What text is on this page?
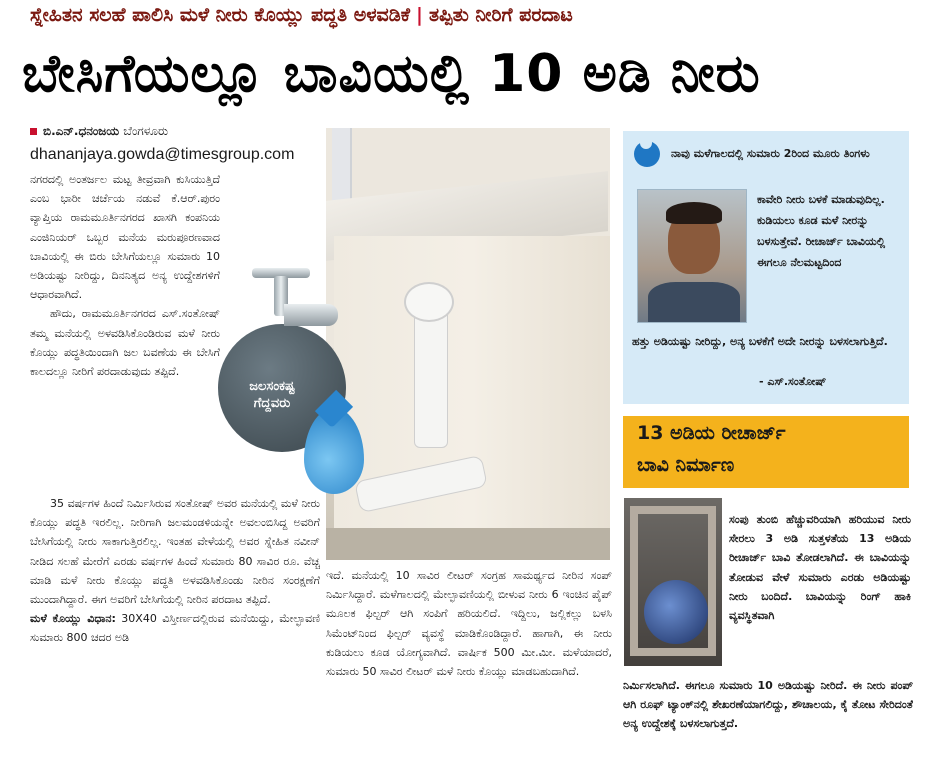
ಸ್ನೇಹಿತನ ಸಲಹೆ ಪಾಲಿಸಿ ಮಳೆ ನೀರು ಕೊಯ್ಲು ಪದ್ಧತಿ ಅಳವಡಿಕೆ | ತಪ್ಪಿತು ನೀರಿಗೆ ಪರದಾಟ
ಬೇಸಿಗೆಯಲ್ಲೂ ಬಾವಿಯಲ್ಲಿ 10 ಅಡಿ ನೀರು
ಬಿ.ಎನ್.ಧನಂಜಯ ಬೆಂಗಳೂರು
dhananjaya.gowda@timesgroup.com

ನಗರದಲ್ಲಿ ಅಂತರ್ಜಲ ಮಟ್ಟ ತೀವ್ರವಾಗಿ ಕುಸಿಯುತ್ತಿದೆ ಎಂಬ ಭಾರೀ ಚರ್ಚೆಯ ನಡುವೆ ಕೆ.ಆರ್.ಪುರಂ ವ್ಯಾಪ್ತಿಯ ರಾಮಮೂರ್ತಿನಗರದ ಖಾಸಗಿ ಕಂಪನಿಯ ಎಂಜಿನಿಯರ್ ಒಬ್ಬರ ಮನೆಯ ಮರುಪೂರಣವಾದ ಬಾವಿಯಲ್ಲಿ ಈ ಬಿರು ಬೇಸಿಗೆಯಲ್ಲೂ ಸುಮಾರು 10 ಅಡಿಯಷ್ಟು ನೀರಿದ್ದು, ದಿನನಿತ್ಯದ ಅನ್ಯ ಉದ್ದೇಶಗಳಿಗೆ ಆಧಾರವಾಗಿದೆ.

ಹೌದು, ರಾಮಮೂರ್ತಿನಗರದ ಎಸ್.ಸಂತೋಷ್ ತಮ್ಮ ಮನೆಯಲ್ಲಿ ಅಳವಡಿಸಿಕೊಂಡಿರುವ ಮಳೆ ನೀರು ಕೊಯ್ಲು ಪದ್ಧತಿಯಿಂದಾಗಿ ಜಲ ಬವಣೆಯ ಈ ಬೇಸಿಗೆ ಕಾಲದಲ್ಲೂ ನೀರಿಗೆ ಪರದಾಡುವುದು ತಪ್ಪಿದೆ.

35 ವರ್ಷಗಳ ಹಿಂದೆ ನಿರ್ಮಿಸಿರುವ ಸಂತೋಷ್ ಅವರ ಮನೆಯಲ್ಲಿ ಮಳೆ ನೀರು ಕೊಯ್ಲು ಪದ್ಧತಿ ಇರಲಿಲ್ಲ. ನೀರಿಗಾಗಿ ಜಲಮಂಡಳಿಯನ್ನೇ ಅವಲಂಬಿಸಿದ್ದ ಅವರಿಗೆ ಬೇಸಿಗೆಯಲ್ಲಿ ನೀರು ಸಾಕಾಗುತ್ತಿರಲಿಲ್ಲ. ಇಂತಹ ವೇಳೆಯಲ್ಲಿ ಅವರ ಸ್ನೇಹಿತ ನವೀನ್ ನೀಡಿದ ಸಲಹೆ ಮೇರೆಗೆ ಎರಡು ವರ್ಷಗಳ ಹಿಂದೆ ಸುಮಾರು 80 ಸಾವಿರ ರೂ. ವೆಚ್ಚ ಮಾಡಿ ಮಳೆ ನೀರು ಕೊಯ್ಲು ಪದ್ಧತಿ ಅಳವಡಿಸಿಕೊಂಡು ನೀರಿನ ಸಂರಕ್ಷಣೆಗೆ ಮುಂದಾಗಿದ್ದಾರೆ. ಈಗ ಅವರಿಗೆ ಬೇಸಿಗೆಯಲ್ಲಿ ನೀರಿನ ಪರದಾಟ ತಪ್ಪಿದೆ.

ಮಳೆ ಕೊಯ್ಲು ವಿಧಾನ: 30X40 ವಿಸ್ತೀರ್ಣದಲ್ಲಿರುವ ಮನೆಯಿದ್ದು, ಮೇಲ್ಛಾವಣಿ ಸುಮಾರು 800 ಚದರ ಅಡಿ

ಜಲಸಂಕಷ್ಟ
ಗೆದ್ದವರು

ಇದೆ. ಮನೆಯಲ್ಲಿ 10 ಸಾವಿರ ಲೀಟರ್ ಸಂಗ್ರಹ ಸಾಮರ್ಥ್ಯದ ನೀರಿನ ಸಂಪ್ ನಿರ್ಮಿಸಿದ್ದಾರೆ. ಮಳೆಗಾಲದಲ್ಲಿ ಮೇಲ್ಛಾವಣಿಯಲ್ಲಿ ಬೀಳುವ ನೀರು 6 ಇಂಚಿನ ಪೈಪ್ ಮೂಲಕ ಫಿಲ್ಟರ್ ಆಗಿ ಸಂಪಿಗೆ ಹರಿಯಲಿದೆ. ಇದ್ದಿಲು, ಜಲ್ಲಿಕಲ್ಲು ಬಳಸಿ ಸಿಮೆಂಟ್‌ನಿಂದ ಫಿಲ್ಟರ್ ವ್ಯವಸ್ಥೆ ಮಾಡಿಕೊಂಡಿದ್ದಾರೆ. ಹಾಗಾಗಿ, ಈ ನೀರು ಕುಡಿಯಲು ಕೂಡ ಯೋಗ್ಯವಾಗಿದೆ. ವಾರ್ಷಿಕ 500 ಮೀ.ಮೀ. ಮಳೆಯಾದರೆ, ಸುಮಾರು 50 ಸಾವಿರ ಲೀಟರ್ ಮಳೆ ನೀರು ಕೊಯ್ಲು ಮಾಡಬಹುದಾಗಿದೆ.

ನಾವು ಮಳೆಗಾಲದಲ್ಲಿ ಸುಮಾರು 2ರಿಂದ ಮೂರು ತಿಂಗಳು
ಕಾವೇರಿ ನೀರು ಬಳಕೆ ಮಾಡುವುದಿಲ್ಲ. ಕುಡಿಯಲು ಕೂಡ ಮಳೆ ನೀರನ್ನು ಬಳಸುತ್ತೇವೆ. ರೀಚಾರ್ಜ್ ಬಾವಿಯಲ್ಲಿ ಈಗಲೂ ನೆಲಮಟ್ಟದಿಂದ
ಹತ್ತು ಅಡಿಯಷ್ಟು ನೀರಿದ್ದು, ಅನ್ಯ ಬಳಕೆಗೆ ಅದೇ ನೀರನ್ನು ಬಳಸಲಾಗುತ್ತಿದೆ.
- ಎಸ್.ಸಂತೋಷ್
13 ಅಡಿಯ ರೀಚಾರ್ಜ್
ಬಾವಿ ನಿರ್ಮಾಣ

ಸಂಪು ತುಂಬಿ ಹೆಚ್ಚುವರಿಯಾಗಿ ಹರಿಯುವ ನೀರು ಸೇರಲು 3 ಅಡಿ ಸುತ್ತಳತೆಯ 13 ಅಡಿಯ ರೀಚಾರ್ಜ್ ಬಾವಿ ತೋಡಲಾಗಿದೆ. ಈ ಬಾವಿಯನ್ನು ತೋಡುವ ವೇಳೆ ಸುಮಾರು ಎರಡು ಅಡಿಯಷ್ಟು ನೀರು ಬಂದಿದೆ. ಬಾವಿಯನ್ನು ರಿಂಗ್ ಹಾಕಿ ವ್ಯವಸ್ಥಿತವಾಗಿ

ನಿರ್ಮಿಸಲಾಗಿದೆ. ಈಗಲೂ ಸುಮಾರು 10 ಅಡಿಯಷ್ಟು ನೀರಿದೆ. ಈ ನೀರು ಪಂಪ್ ಆಗಿ ರೂಫ್ ಟ್ಯಾಂಕ್‌ನಲ್ಲಿ ಶೇಖರಣೆಯಾಗಲಿದ್ದು, ಶೌಚಾಲಯ, ಕೈ ತೋಟ ಸೇರಿದಂತೆ ಅನ್ಯ ಉದ್ದೇಶಕ್ಕೆ ಬಳಸಲಾಗುತ್ತದೆ.
